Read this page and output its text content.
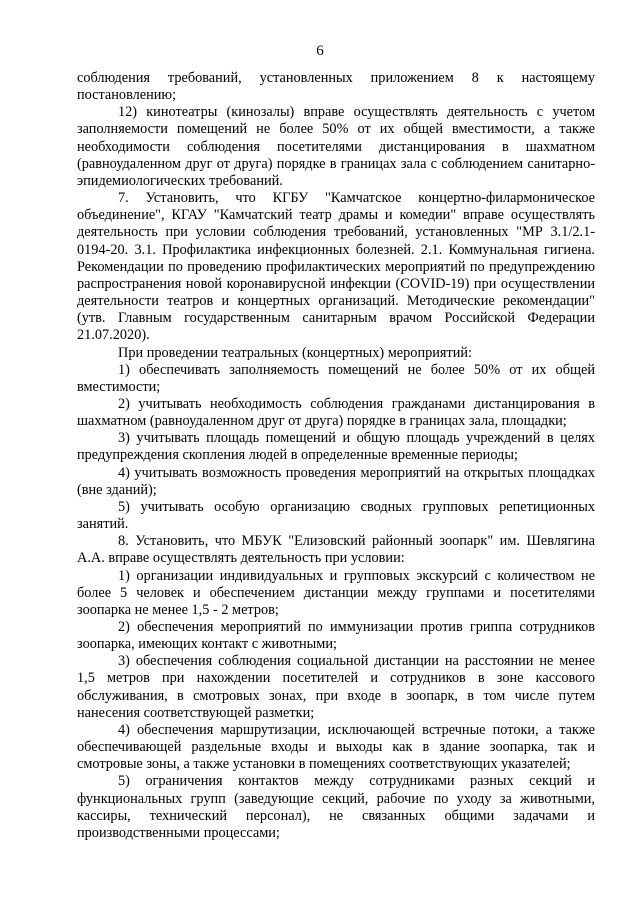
6

соблюдения требований, установленных приложением 8 к настоящему постановлению;

12) кинотеатры (кинозалы) вправе осуществлять деятельность с учетом заполняемости помещений не более 50% от их общей вместимости, а также необходимости соблюдения посетителями дистанцирования в шахматном (равноудаленном друг от друга) порядке в границах зала с соблюдением санитарно-эпидемиологических требований.

7. Установить, что КГБУ "Камчатское концертно-филармоническое объединение", КГАУ "Камчатский театр драмы и комедии" вправе осуществлять деятельность при условии соблюдения требований, установленных "МР 3.1/2.1-0194-20. 3.1. Профилактика инфекционных болезней. 2.1. Коммунальная гигиена. Рекомендации по проведению профилактических мероприятий по предупреждению распространения новой коронавирусной инфекции (COVID-19) при осуществлении деятельности театров и концертных организаций. Методические рекомендации" (утв. Главным государственным санитарным врачом Российской Федерации 21.07.2020).

При проведении театральных (концертных) мероприятий:

1) обеспечивать заполняемость помещений не более 50% от их общей вместимости;

2) учитывать необходимость соблюдения гражданами дистанцирования в шахматном (равноудаленном друг от друга) порядке в границах зала, площадки;

3) учитывать площадь помещений и общую площадь учреждений в целях предупреждения скопления людей в определенные временные периоды;

4) учитывать возможность проведения мероприятий на открытых площадках (вне зданий);

5) учитывать особую организацию сводных групповых репетиционных занятий.

8. Установить, что МБУК "Елизовский районный зоопарк" им. Шевлягина А.А. вправе осуществлять деятельность при условии:

1) организации индивидуальных и групповых экскурсий с количеством не более 5 человек и обеспечением дистанции между группами и посетителями зоопарка не менее 1,5 - 2 метров;

2) обеспечения мероприятий по иммунизации против гриппа сотрудников зоопарка, имеющих контакт с животными;

3) обеспечения соблюдения социальной дистанции на расстоянии не менее 1,5 метров при нахождении посетителей и сотрудников в зоне кассового обслуживания, в смотровых зонах, при входе в зоопарк, в том числе путем нанесения соответствующей разметки;

4) обеспечения маршрутизации, исключающей встречные потоки, а также обеспечивающей раздельные входы и выходы как в здание зоопарка, так и смотровые зоны, а также установки в помещениях соответствующих указателей;

5) ограничения контактов между сотрудниками разных секций и функциональных групп (заведующие секций, рабочие по уходу за животными, кассиры, технический персонал), не связанных общими задачами и производственными процессами;
